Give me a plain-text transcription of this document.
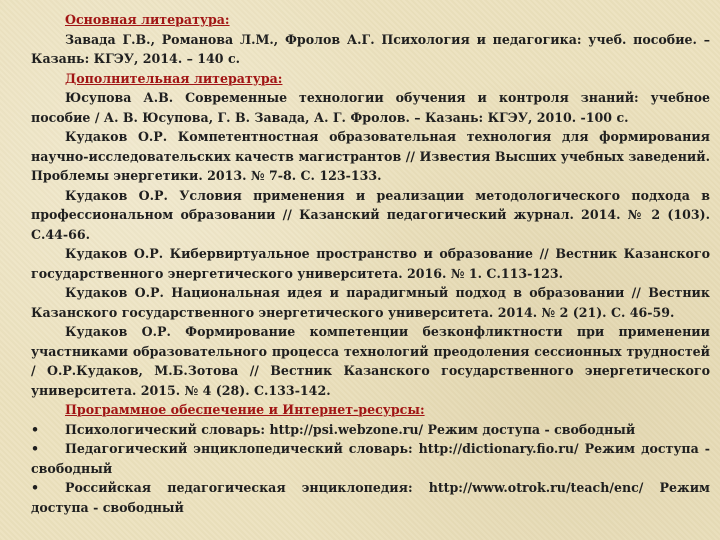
Основная литература:

Завада Г.В., Романова Л.М., Фролов А.Г. Психология и педагогика: учеб. пособие. – Казань: КГЭУ, 2014. – 140 с.

Дополнительная литература:

Юсупова А.В. Современные технологии обучения и контроля знаний: учебное пособие / А. В. Юсупова, Г. В. Завада, А. Г. Фролов. – Казань: КГЭУ, 2010. -100 с.

Кудаков О.Р. Компетентностная образовательная технология для формирования научно-исследовательских качеств магистрантов // Известия Высших учебных заведений. Проблемы энергетики. 2013. № 7-8. С. 123-133.

Кудаков О.Р. Условия применения и реализации методологического подхода в профессиональном образовании // Казанский педагогический журнал. 2014. № 2 (103). С.44-66.

Кудаков О.Р. Кибервиртуальное пространство и образование // Вестник Казанского государственного энергетического университета. 2016. № 1. С.113-123.

Кудаков О.Р. Национальная идея и парадигмный подход в образовании // Вестник Казанского государственного энергетического университета. 2014. № 2 (21). С. 46-59.

Кудаков О.Р. Формирование компетенции безконфликтности при применении участниками образовательного процесса технологий преодоления сессионных трудностей / О.Р.Кудаков, М.Б.Зотова // Вестник Казанского государственного энергетического университета. 2015. № 4 (28). С.133-142.

Программное обеспечение и Интернет-ресурсы:

• Психологический словарь: http://psi.webzone.ru/ Режим доступа - свободный

• Педагогический энциклопедический словарь: http://dictionary.fio.ru/ Режим доступа - свободный

• Российская педагогическая энциклопедия: http://www.otrok.ru/teach/enc/ Режим доступа - свободный
